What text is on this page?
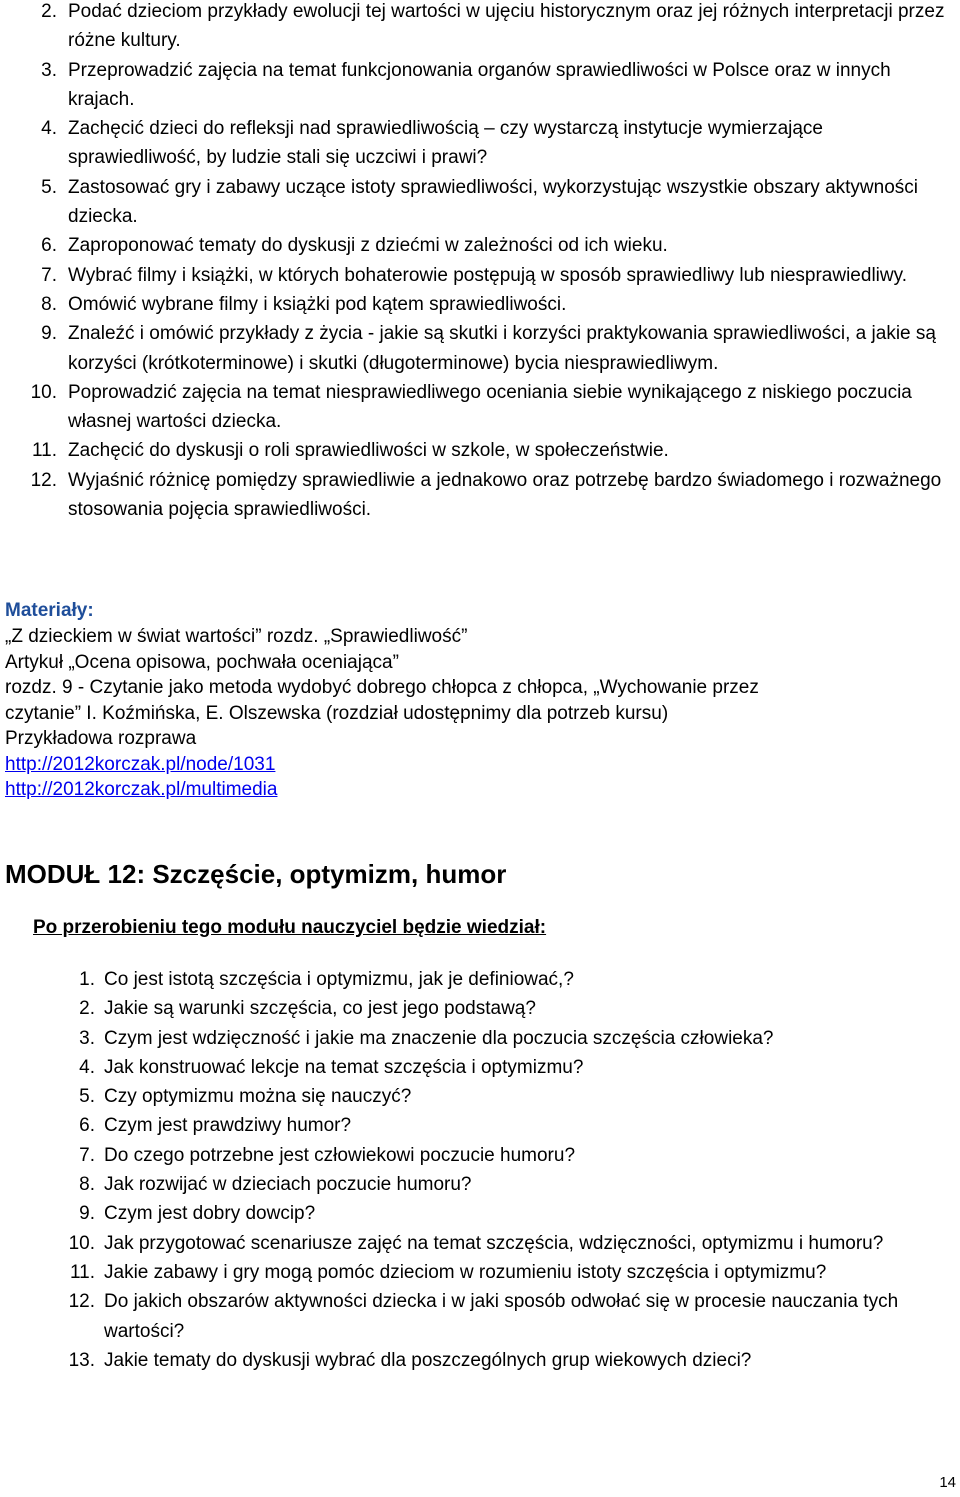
2. Podać dzieciom przykłady ewolucji tej wartości w ujęciu historycznym oraz jej różnych interpretacji przez różne kultury.
3. Przeprowadzić zajęcia na temat funkcjonowania organów sprawiedliwości w Polsce oraz w innych krajach.
4. Zachęcić dzieci do refleksji nad sprawiedliwością – czy wystarczą instytucje wymierzające sprawiedliwość, by ludzie stali się uczciwi i prawi?
5. Zastosować gry i zabawy uczące istoty sprawiedliwości, wykorzystując wszystkie obszary aktywności dziecka.
6. Zaproponować tematy do dyskusji z dziećmi w zależności od ich wieku.
7. Wybrać filmy i książki, w których bohaterowie postępują w sposób sprawiedliwy lub niesprawiedliwy.
8. Omówić wybrane filmy i książki pod kątem sprawiedliwości.
9. Znaleźć i omówić przykłady z życia - jakie są skutki i korzyści praktykowania sprawiedliwości, a jakie są korzyści (krótkoterminowe) i skutki (długoterminowe) bycia niesprawiedliwym.
10. Poprowadzić zajęcia na temat niesprawiedliwego oceniania siebie wynikającego z niskiego poczucia własnej wartości dziecka.
11. Zachęcić do dyskusji o roli sprawiedliwości w szkole, w społeczeństwie.
12. Wyjaśnić różnicę pomiędzy sprawiedliwie a jednakowo oraz potrzebę bardzo świadomego i rozważnego stosowania pojęcia sprawiedliwości.
Materiały:
„Z dzieckiem w świat wartości” rozdz. „Sprawiedliwość”
Artykuł „Ocena opisowa, pochwała oceniająca”
rozdz. 9 - Czytanie jako metoda wydobyć dobrego chłopca z chłopca, „Wychowanie przez
czytanie” I. Koźmińska, E. Olszewska (rozdział udostępnimy dla potrzeb kursu)
Przykładowa rozprawa
http://2012korczak.pl/node/1031
http://2012korczak.pl/multimedia
MODUŁ 12: Szczęście, optymizm, humor
Po przerobieniu tego modułu nauczyciel będzie wiedział:
1. Co jest istotą szczęścia i optymizmu, jak je definiować,?
2. Jakie są warunki szczęścia, co jest jego podstawą?
3. Czym jest wdzięczność i jakie ma znaczenie dla poczucia szczęścia człowieka?
4. Jak konstruować lekcje na temat szczęścia i optymizmu?
5. Czy optymizmu można się nauczyć?
6. Czym jest prawdziwy humor?
7. Do czego potrzebne jest człowiekowi poczucie humoru?
8. Jak rozwijać w dzieciach poczucie humoru?
9. Czym jest dobry dowcip?
10. Jak przygotować scenariusze zajęć na temat szczęścia, wdzięczności, optymizmu i humoru?
11. Jakie zabawy i gry mogą pomóc dzieciom w rozumieniu istoty szczęścia i optymizmu?
12. Do jakich obszarów aktywności dziecka i w jaki sposób odwołać się w procesie nauczania tych wartości?
13. Jakie tematy do dyskusji wybrać dla poszczególnych grup wiekowych dzieci?
14
